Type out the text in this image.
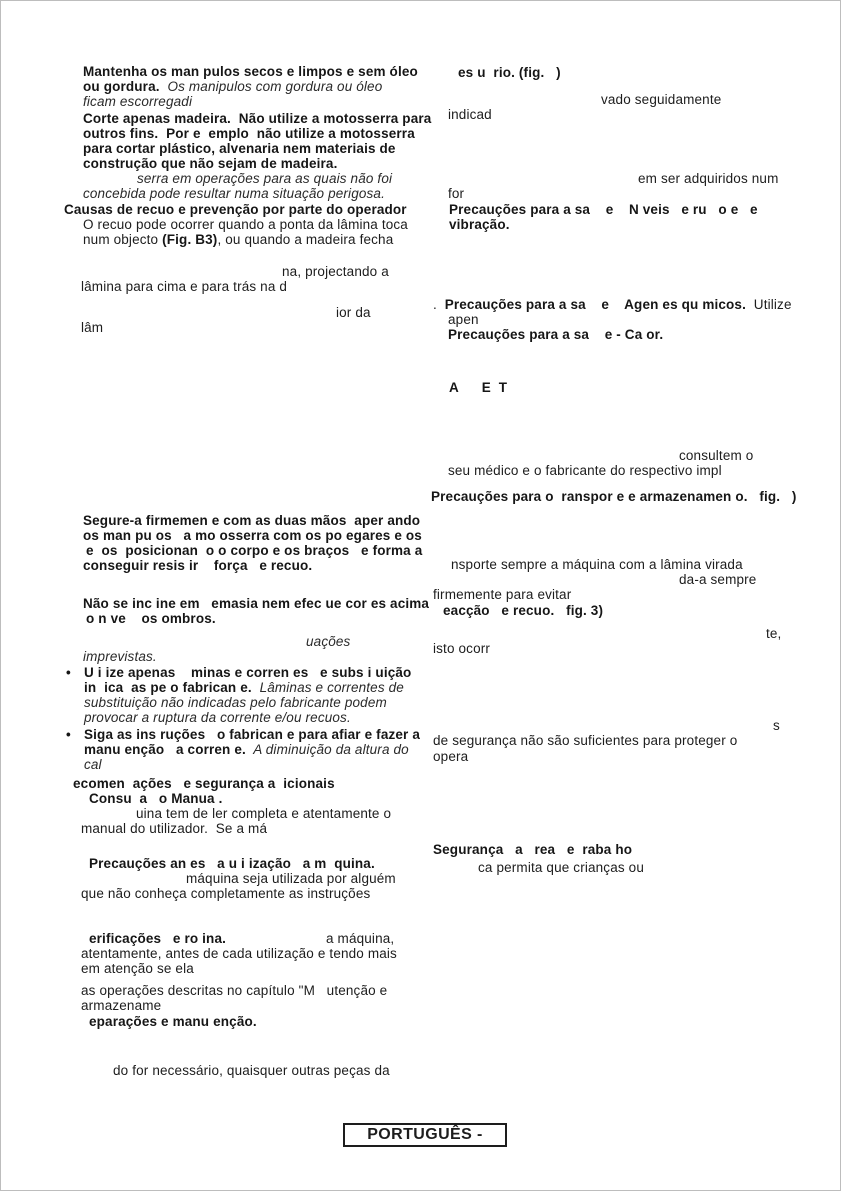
Mantenha os man pulos secos e limpos e sem óleo
ou gordura.  Os manipulos com gordura ou óleo
ficam escorregadi
Corte apenas madeira.  Não utilize a motosserra para
outros fins.  Por e  emplo  não utilize a motosserra
para cortar plástico, alvenaria nem materiais de
construção que não sejam de madeira.
serra em operações para as quais não foi
concebida pode resultar numa situação perigosa.
Causas de recuo e prevenção por parte do operador
O recuo pode ocorrer quando a ponta da lâmina toca
num objecto (Fig. B3), ou quando a madeira fecha
na, projectando a
lâmina para cima e para trás na d
ior da
lâm
Segure-a firmemen e com as duas mãos  aper ando
os man pu os   a mo osserra com os po egares e os
e  os  posicionan  o o corpo e os braços   e forma a
conseguir resis ir    força   e recuo.
Não se inc ine em   emasia nem efec ue cor es acima
o n ve    os ombros.
uações
imprevistas.
• U i ize apenas    minas e corren es   e subs i uição
in  ica  as pe o fabrican e.  Lâminas e correntes de
substituição não indicadas pelo fabricante podem
provocar a ruptura da corrente e/ou recuos.
• Siga as ins ruções   o fabrican e para afiar e fazer a
manu enção   a corren e.  A diminuição da altura do
cal
ecomen  ações   e segurança a  icionais
Consu  a   o Manua .
uina tem de ler completa e atentamente o
manual do utilizador.  Se a má
Precauções an es   a u i ização   a m  quina.
máquina seja utilizada por alguém
que não conheça completamente as instruções
erificações   e ro ina.	a máquina,
atentamente, antes de cada utilização e tendo mais
em atenção se ela
as operações descritas no capítulo "M   utenção e
armazename
eparações e manu enção.
do for necessário, quaisquer outras peças da
es u  rio. (fig.   )
vado seguidamente
indicad
em ser adquiridos num
for
Precauções para a sa    e    N veis   e ru   o e   e
vibração.
.  Precauções para a sa    e    Agen es qu micos.  Utilize
apen
Precauções para a sa    e - Ca or.
A      E  T
consultem o
seu médico e o fabricante do respectivo impl
Precauções para o  ranspor e e armazenamen o.   fig.   )
nsporte sempre a máquina com a lâmina virada
da-a sempre
firmemente para evitar
eacção   e recuo.   fig. 3)
te,
isto ocorr
s
de segurança não são suficientes para proteger o
opera
Segurança   a   rea   e  raba ho
ca permita que crianças ou
PORTUGUÊS -
